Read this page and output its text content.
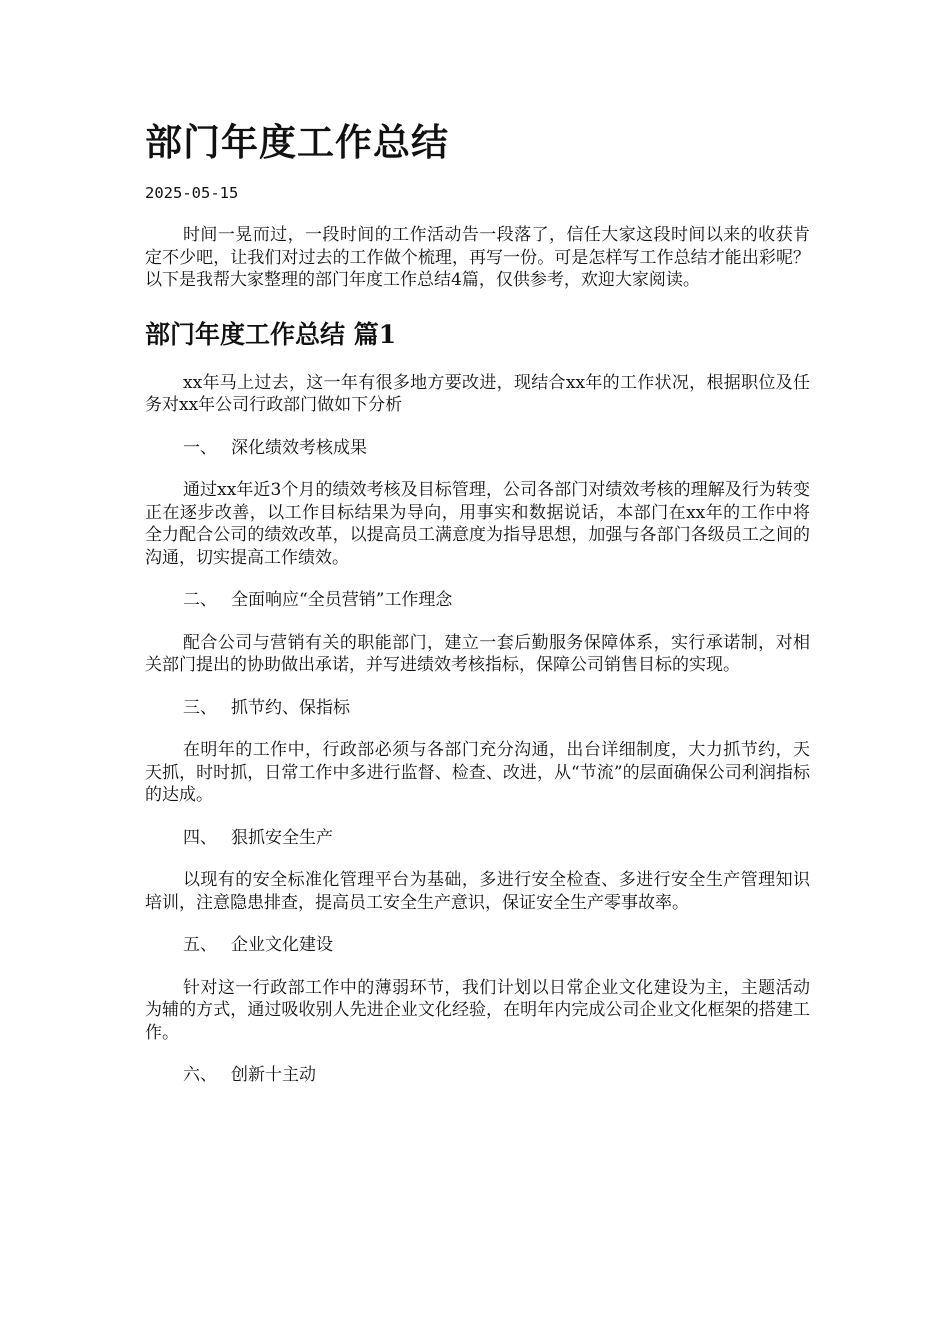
部门年度工作总结
2025-05-15

时间一晃而过，一段时间的工作活动告一段落了，信任大家这段时间以来的收获肯定不少吧，让我们对过去的工作做个梳理，再写一份。可是怎样写工作总结才能出彩呢？以下是我帮大家整理的部门年度工作总结4篇，仅供参考，欢迎大家阅读。

部门年度工作总结 篇1

xx年马上过去，这一年有很多地方要改进，现结合xx年的工作状况，根据职位及任务对xx年公司行政部门做如下分析

一、 深化绩效考核成果

通过xx年近3个月的绩效考核及目标管理，公司各部门对绩效考核的理解及行为转变正在逐步改善，以工作目标结果为导向，用事实和数据说话，本部门在xx年的工作中将全力配合公司的绩效改革，以提高员工满意度为指导思想，加强与各部门各级员工之间的沟通，切实提高工作绩效。

二、 全面响应“全员营销”工作理念

配合公司与营销有关的职能部门，建立一套后勤服务保障体系，实行承诺制，对相关部门提出的协助做出承诺，并写进绩效考核指标，保障公司销售目标的实现。

三、 抓节约、保指标

在明年的工作中，行政部必须与各部门充分沟通，出台详细制度，大力抓节约，天天抓，时时抓，日常工作中多进行监督、检查、改进，从“节流”的层面确保公司利润指标的达成。

四、 狠抓安全生产

以现有的安全标准化管理平台为基础，多进行安全检查、多进行安全生产管理知识培训，注意隐患排查，提高员工安全生产意识，保证安全生产零事故率。

五、 企业文化建设

针对这一行政部工作中的薄弱环节，我们计划以日常企业文化建设为主，主题活动为辅的方式，通过吸收别人先进企业文化经验，在明年内完成公司企业文化框架的搭建工作。

六、 创新十主动
